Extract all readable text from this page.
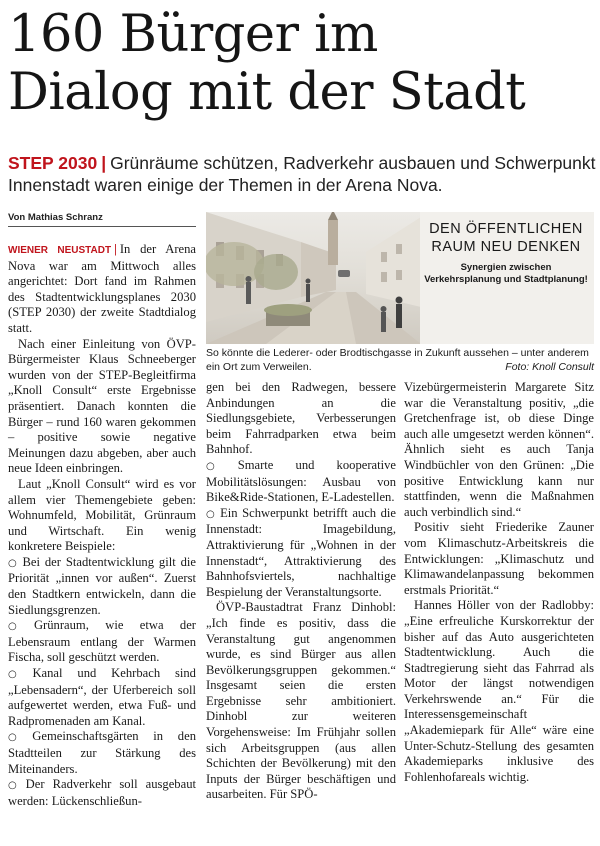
160 Bürger im
Dialog mit der Stadt
STEP 2030 | Grünräume schützen, Radverkehr ausbauen und Schwerpunkt Innenstadt waren einige der Themen in der Arena Nova.
Von Mathias Schranz
DEN ÖFFENTLICHEN
RAUM NEU DENKEN
Synergien zwischen Verkehrsplanung und Stadtplanung!
So könnte die Lederer- oder Brodtischgasse in Zukunft aussehen – unter anderem ein Ort zum Verweilen.	Foto: Knoll Consult

WIENER NEUSTADT | In der Arena Nova war am Mittwoch alles angerichtet: Dort fand im Rahmen des Stadtentwicklungsplanes 2030 (STEP 2030) der zweite Stadtdialog statt.

Nach einer Einleitung von ÖVP-Bürgermeister Klaus Schneeberger wurden von der STEP-Begleitfirma „Knoll Consult“ erste Ergebnisse präsentiert. Danach konnten die Bürger – rund 160 waren gekommen – positive sowie negative Meinungen dazu abgeben, aber auch neue Ideen einbringen.

Laut „Knoll Consult“ wird es vor allem vier Themengebiete geben: Wohnumfeld, Mobilität, Grünraum und Wirtschaft. Ein wenig konkretere Beispiele:

○ Bei der Stadtentwicklung gilt die Priorität „innen vor außen“. Zuerst den Stadtkern entwickeln, dann die Siedlungsgrenzen.

○ Grünraum, wie etwa der Lebensraum entlang der Warmen Fischa, soll geschützt werden.

○ Kanal und Kehrbach sind „Lebensadern“, der Uferbereich soll aufgewertet werden, etwa Fuß- und Radpromenaden am Kanal.

○ Gemeinschaftsgärten in den Stadtteilen zur Stärkung des Miteinanders.

○ Der Radverkehr soll ausgebaut werden: Lückenschließun-

gen bei den Radwegen, bessere Anbindungen an die Siedlungsgebiete, Verbesserungen beim Fahrradparken etwa beim Bahnhof.

○ Smarte und kooperative Mobilitätslösungen: Ausbau von Bike&Ride-Stationen, E-Ladestellen.

○ Ein Schwerpunkt betrifft auch die Innenstadt: Imagebildung, Attraktivierung für „Wohnen in der Innenstadt“, Attraktivierung des Bahnhofsviertels, nachhaltige Bespielung der Veranstaltungsorte.

ÖVP-Baustadtrat Franz Dinhobl: „Ich finde es positiv, dass die Veranstaltung gut angenommen wurde, es sind Bürger aus allen Bevölkerungsgruppen gekommen.“ Insgesamt seien die ersten Ergebnisse sehr ambitioniert. Dinhobl zur weiteren Vorgehensweise: Im Frühjahr sollen sich Arbeitsgruppen (aus allen Schichten der Bevölkerung) mit den Inputs der Bürger beschäftigen und ausarbeiten. Für SPÖ-

Vizebürgermeisterin Margarete Sitz war die Veranstaltung positiv, „die Gretchenfrage ist, ob diese Dinge auch alle umgesetzt werden können“. Ähnlich sieht es auch Tanja Windbüchler von den Grünen: „Die positive Entwicklung kann nur stattfinden, wenn die Maßnahmen auch verbindlich sind.“

Positiv sieht Friederike Zauner vom Klimaschutz-Arbeitskreis die Entwicklungen: „Klimaschutz und Klimawandelanpassung bekommen erstmals Priorität.“

Hannes Höller von der Radlobby: „Eine erfreuliche Kurskorrektur der bisher auf das Auto ausgerichteten Stadtentwicklung. Auch die Stadtregierung sieht das Fahrrad als Motor der längst notwendigen Verkehrswende an.“ Für die Interessensgemeinschaft „Akademiepark für Alle“ wäre eine Unter-Schutz-Stellung des gesamten Akademieparks inklusive des Fohlenhofareals wichtig.
